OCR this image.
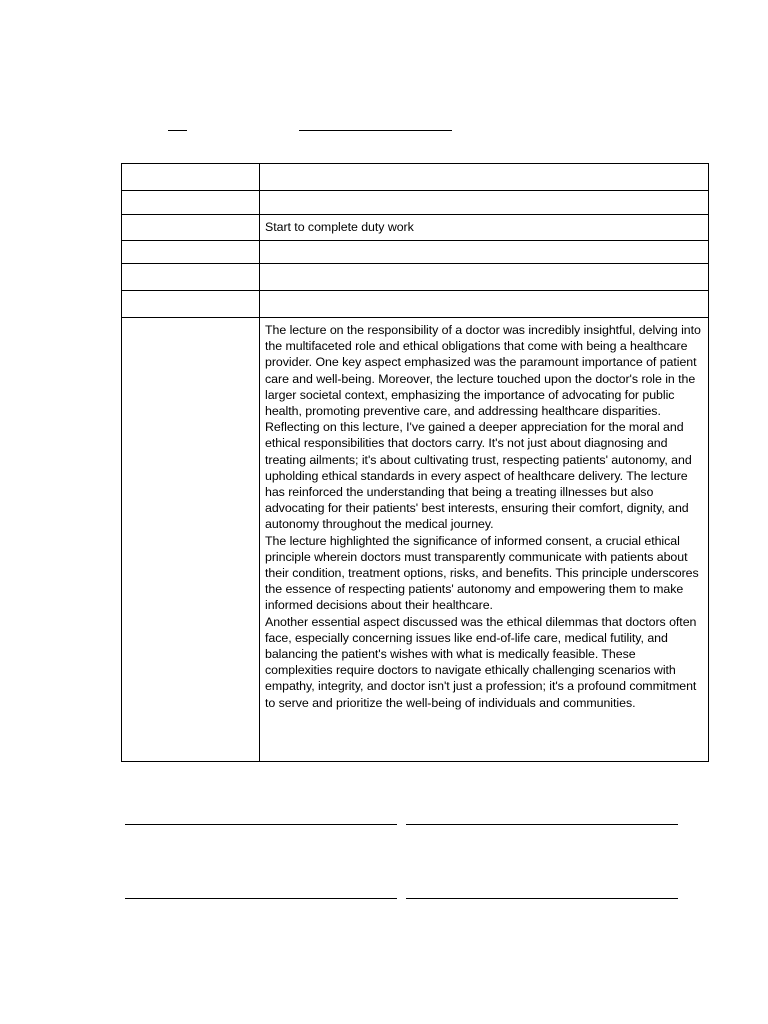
	Start to complete duty work

	The lecture on the responsibility of a doctor was incredibly insightful, delving into the multifaceted role and ethical obligations that come with being a healthcare provider. One key aspect emphasized was the paramount importance of patient care and well-being. Moreover, the lecture touched upon the doctor's role in the larger societal context, emphasizing the importance of advocating for public health, promoting preventive care, and addressing healthcare disparities.

Reflecting on this lecture, I've gained a deeper appreciation for the moral and ethical responsibilities that doctors carry. It's not just about diagnosing and treating ailments; it's about cultivating trust, respecting patients' autonomy, and upholding ethical standards in every aspect of healthcare delivery. The lecture has reinforced the understanding that being a treating illnesses but also advocating for their patients' best interests, ensuring their comfort, dignity, and autonomy throughout the medical journey.

The lecture highlighted the significance of informed consent, a crucial ethical principle wherein doctors must transparently communicate with patients about their condition, treatment options, risks, and benefits. This principle underscores the essence of respecting patients' autonomy and empowering them to make informed decisions about their healthcare.

Another essential aspect discussed was the ethical dilemmas that doctors often face, especially concerning issues like end-of-life care, medical futility, and balancing the patient's wishes with what is medically feasible. These complexities require doctors to navigate ethically challenging scenarios with empathy, integrity, and doctor isn't just a profession; it's a profound commitment to serve and prioritize the well-being of individuals and communities.
